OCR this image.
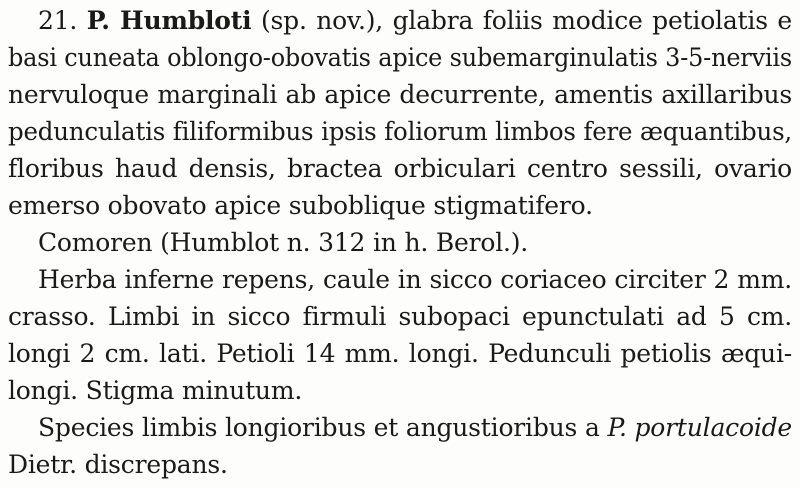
21. P. Humbloti (sp. nov.), glabra foliis modice petiolatis e
basi cuneata oblongo-obovatis apice subemarginulatis 3-5-nerviis
nervuloque marginali ab apice decurrente, amentis axillaribus
pedunculatis filiformibus ipsis foliorum limbos fere æquantibus,
floribus haud densis, bractea orbiculari centro sessili, ovario
emerso obovato apice suboblique stigmatifero.
Comoren (Humblot n. 312 in h. Berol.).
Herba inferne repens, caule in sicco coriaceo circiter 2 mm.
crasso. Limbi in sicco firmuli subopaci epunctulati ad 5 cm.
longi 2 cm. lati. Petioli 14 mm. longi. Pedunculi petiolis æqui-
longi. Stigma minutum.
Species limbis longioribus et angustioribus a P. portulacoide
Dietr. discrepans.
